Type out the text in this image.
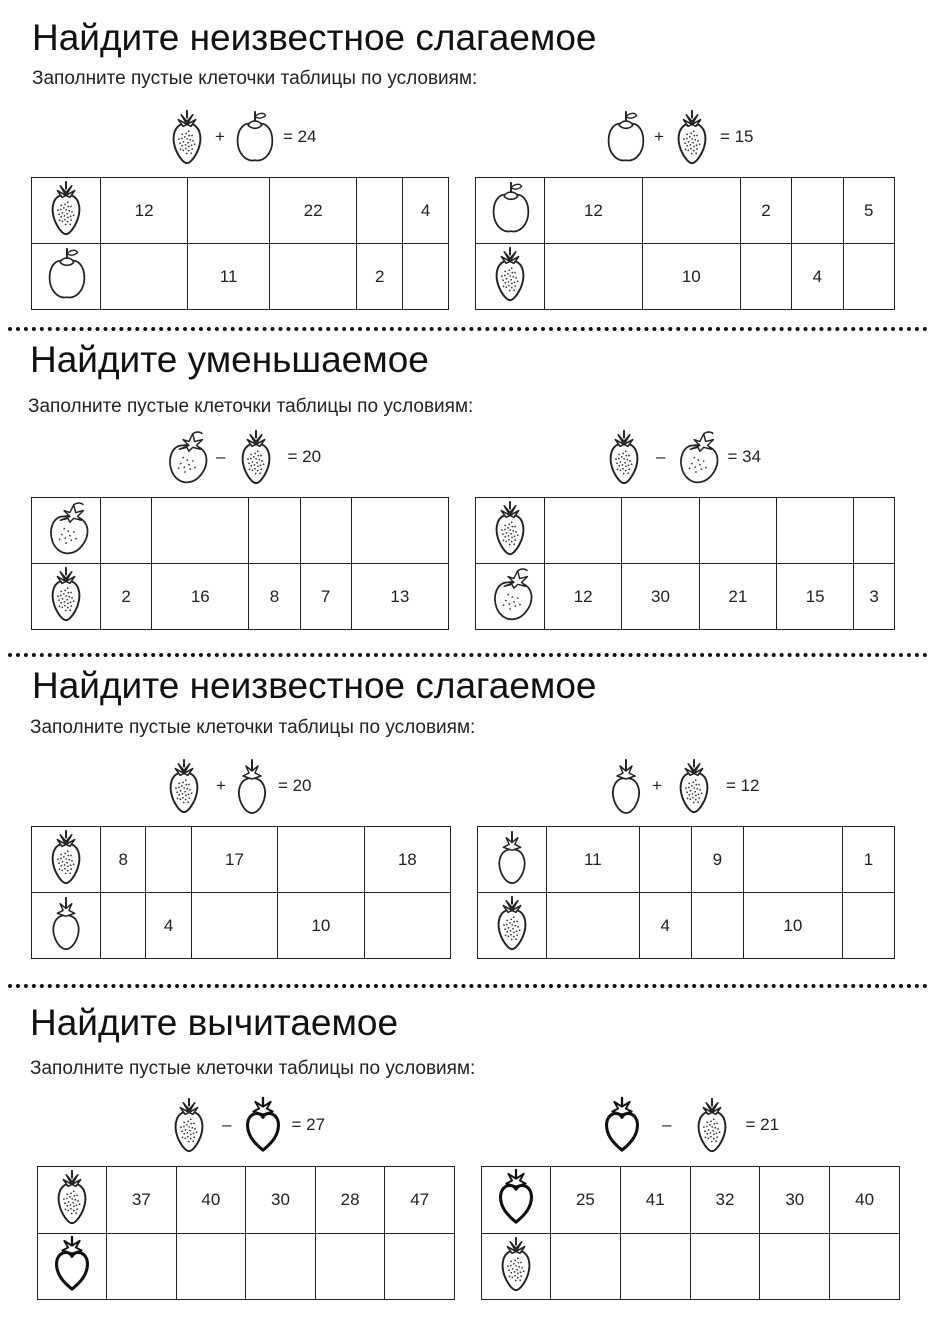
Найдите неизвестное слагаемое
Заполните пустые клеточки таблицы по условиям:
+	= 24	+	= 15
	12		22		4

		11		2	
	12		2		5

		10		4	
Найдите уменьшаемое
Заполните пустые клеточки таблицы по условиям:
–	= 20	–	= 34

	2	16	8	7	13

		12	30	21	15	3
Найдите неизвестное слагаемое
Заполните пустые клеточки таблицы по условиям:
+	= 20	+	= 12
	8		17		18

		4		10	
	11		9		1

		4		10	
Найдите вычитаемое
Заполните пустые клеточки таблицы по условиям:
–	= 27	–	= 21
	37	40	30	28	47

		25	41	32	30	40
